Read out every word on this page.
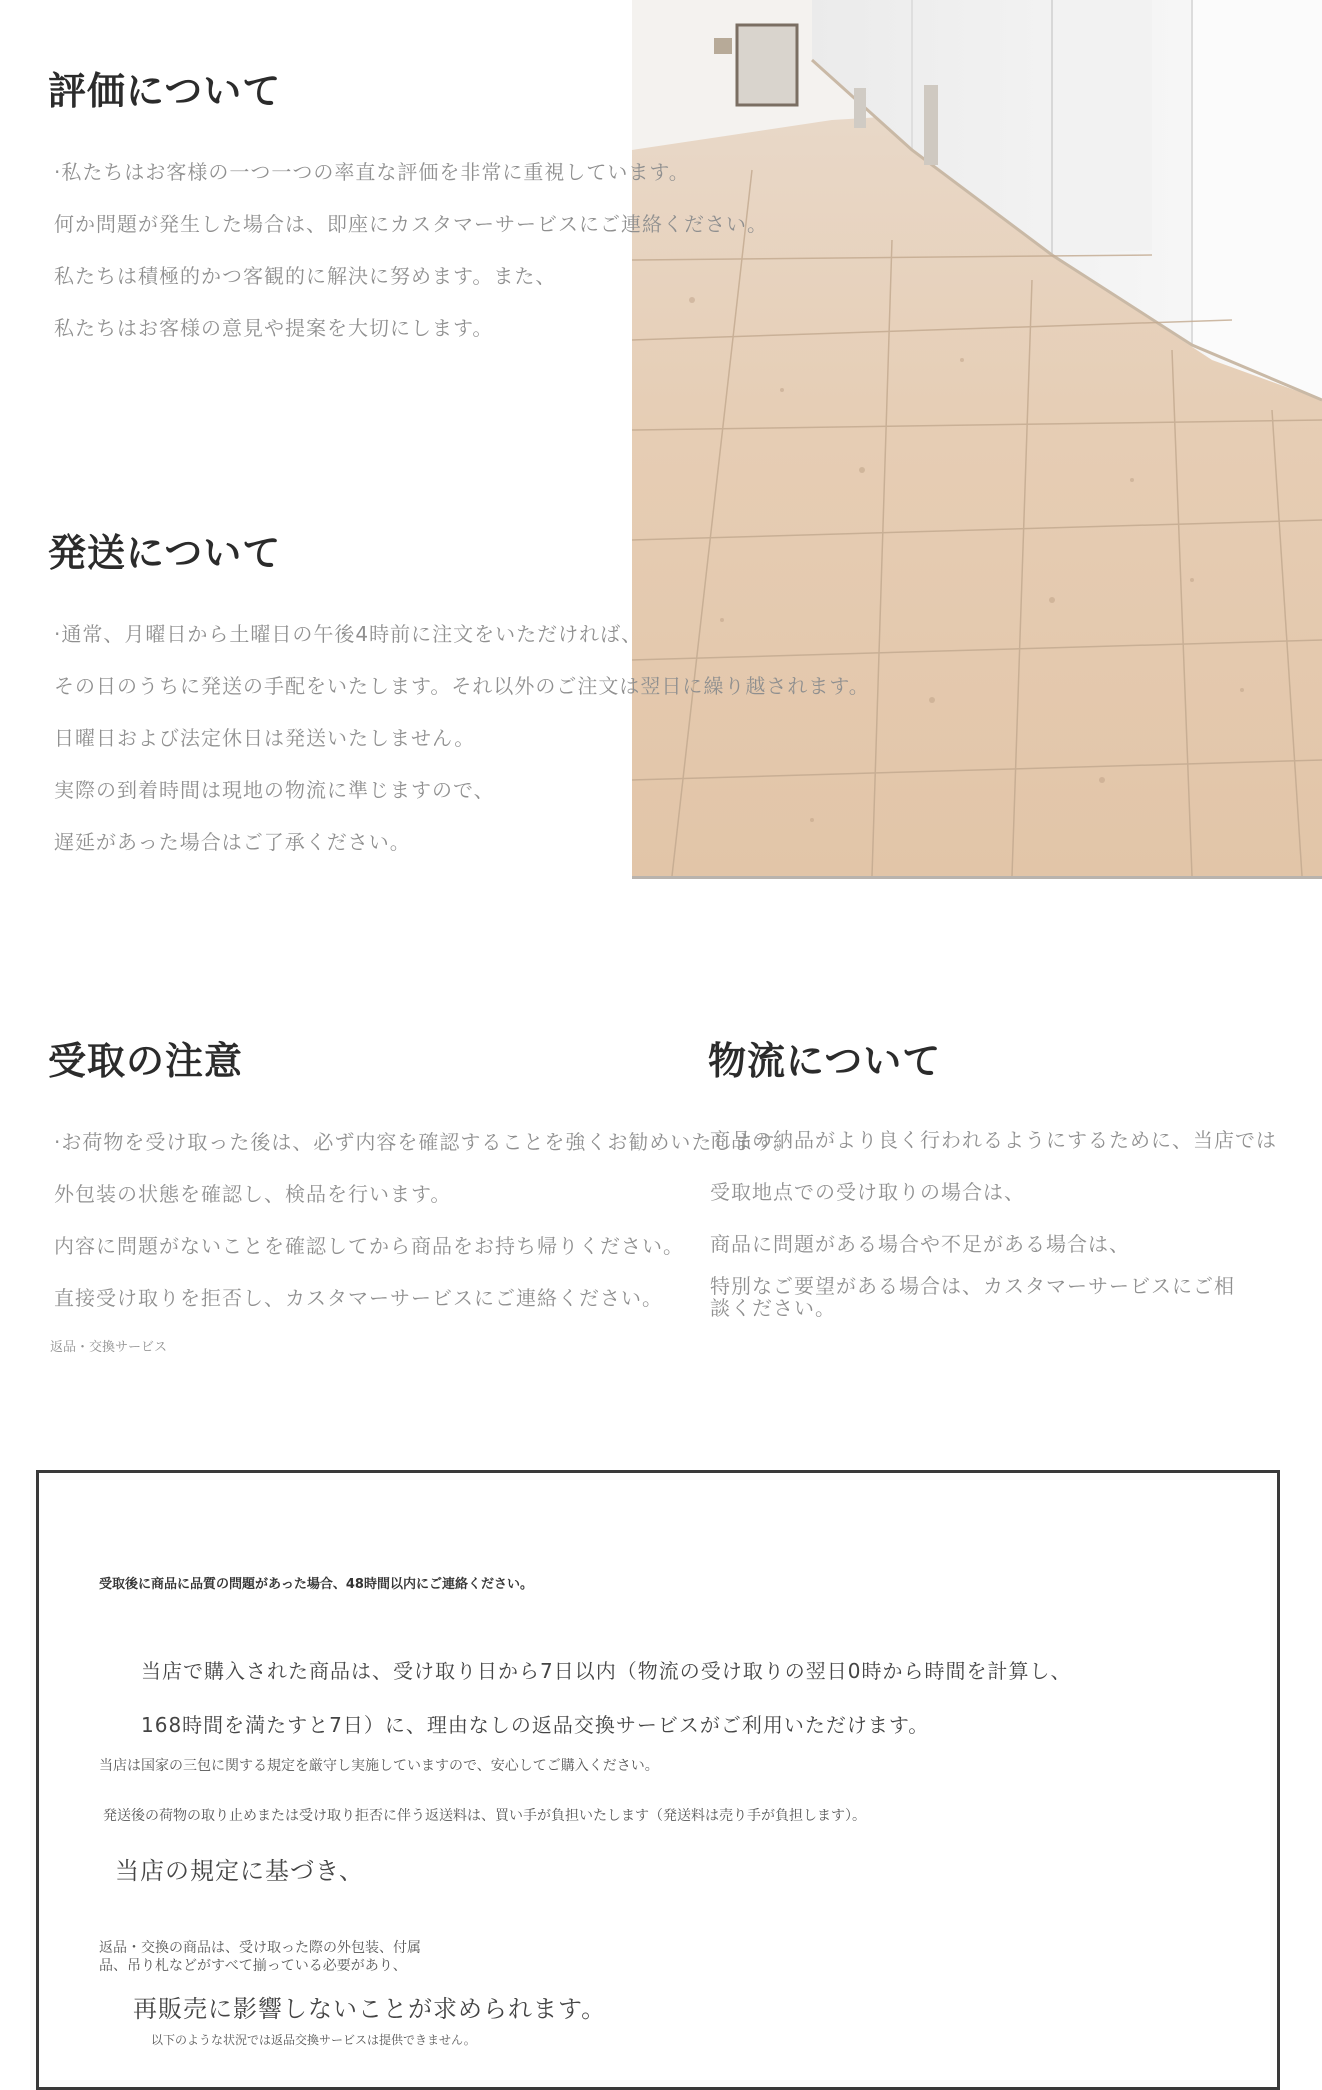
評価について
·私たちはお客様の一つ一つの率直な評価を非常に重視しています。
何か問題が発生した場合は、即座にカスタマーサービスにご連絡ください。
私たちは積極的かつ客観的に解決に努めます。また、
私たちはお客様の意見や提案を大切にします。
発送について
·通常、月曜日から土曜日の午後4時前に注文をいただければ、
その日のうちに発送の手配をいたします。それ以外のご注文は翌日に繰り越されます。
日曜日および法定休日は発送いたしません。
実際の到着時間は現地の物流に準じますので、
遅延があった場合はご了承ください。
受取の注意
·お荷物を受け取った後は、必ず内容を確認することを強くお勧めいたします。
外包装の状態を確認し、検品を行います。
内容に問題がないことを確認してから商品をお持ち帰りください。
直接受け取りを拒否し、カスタマーサービスにご連絡ください。
返品・交換サービス
物流について
商品の納品がより良く行われるようにするために、当店では
受取地点での受け取りの場合は、
商品に問題がある場合や不足がある場合は、
特別なご要望がある場合は、カスタマーサービスにご相
談ください。
受取後に商品に品質の問題があった場合、48時間以内にご連絡ください。
当店で購入された商品は、受け取り日から7日以内（物流の受け取りの翌日0時から時間を計算し、
168時間を満たすと7日）に、理由なしの返品交換サービスがご利用いただけます。
当店は国家の三包に関する規定を厳守し実施していますので、安心してご購入ください。
発送後の荷物の取り止めまたは受け取り拒否に伴う返送料は、買い手が負担いたします（発送料は売り手が負担します）。
当店の規定に基づき、
返品・交換の商品は、受け取った際の外包装、付属
品、吊り札などがすべて揃っている必要があり、
再販売に影響しないことが求められます。
以下のような状況では返品交換サービスは提供できません。
